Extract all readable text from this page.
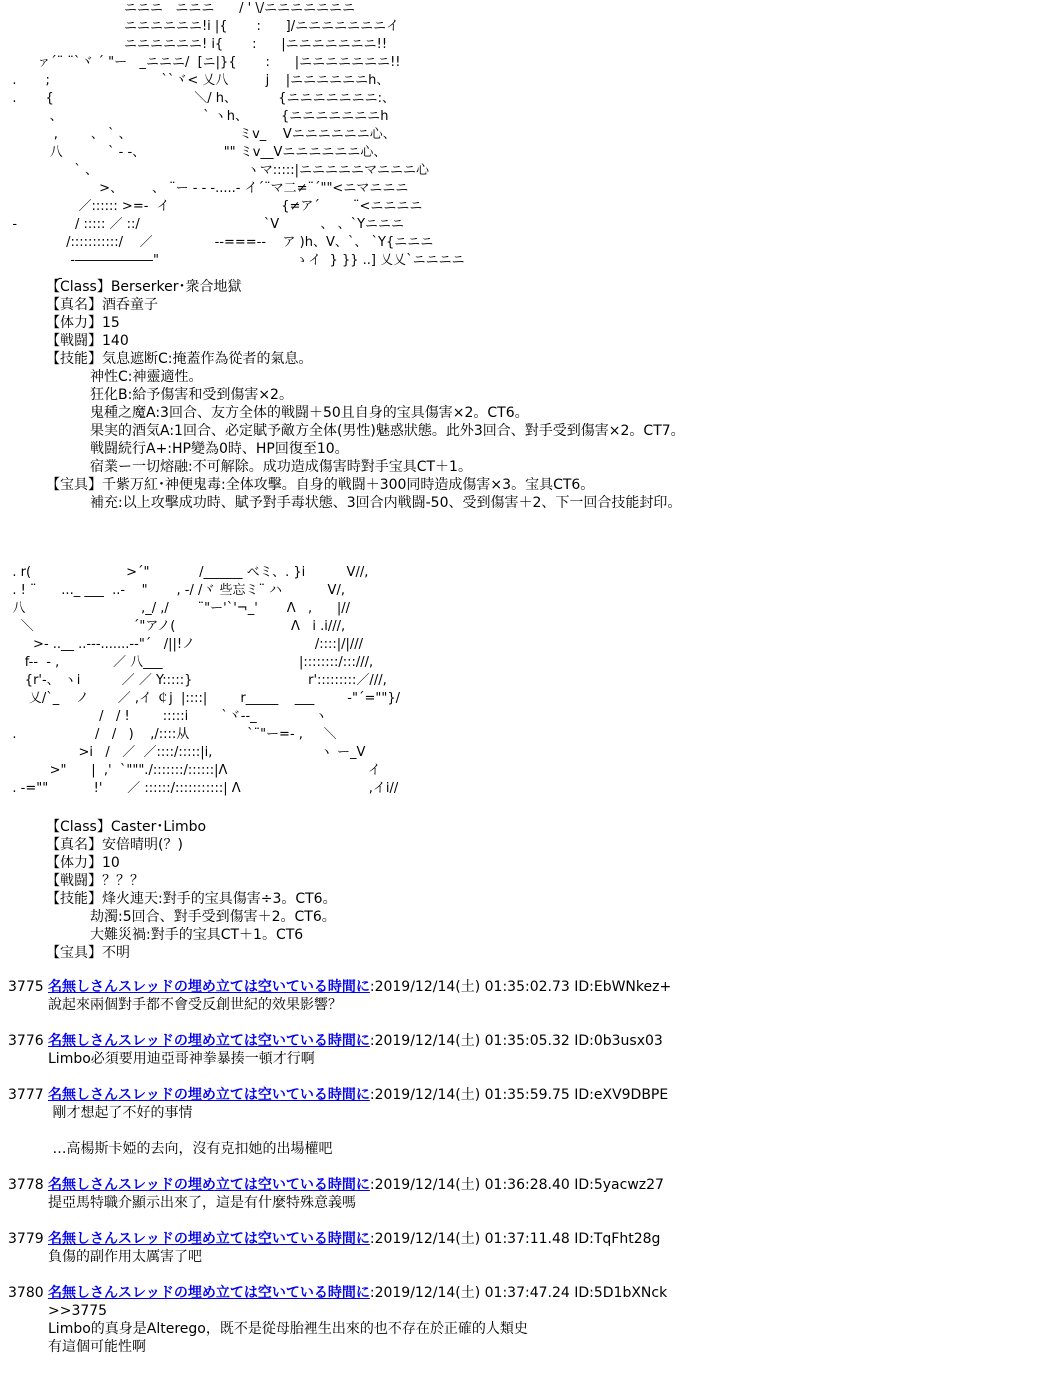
ニニニ   ニニニ      / ' \/ニニニニニニニ
ニニニニニニ!i |{       :      ]/ニニニニニニニイ
ニニニニニニ! i{       :      |ニニニニニニニ!!
ァ´¨ ¨`ヾ ´ "ー   _ニニニ/  [ニ|}{       :      |ニニニニニニニ!!
.       ;                           ``ヾ< 乂八         j    |ニニニニニニh、
.       {                                  ＼/ h、          {ニニニニニニニ:、
、                                  ` ヽh、        {ニニニニニニニh
,        、 ` 、                          ミv_    Vニニニニニニ心、
八           ` - -、                   "" ミv__Vニニニニニニ心、
` 、                                    ヽマ:::::|ニニニニニマニニニ心
>、       、 ¨ー - - -.....- イ´¨マ二≠¨´""<ニマニニニ
／:::::: >=-  イ                           {≠ア´        ¨<ニニニニ
-              / ::::: ／ ::/                              `V          、 、`Yニニニ
/:::::::::::/    ／               --===--    ア )h、V、`、 `Y{ニニニ
‐――――――"                                 ゝイ  } }} ..] 乂乂`ニニニニ
-
【Class】Berserker･衆合地獄
【真名】酒呑童子
【体力】15
【戦闘】140
【技能】気息遮断C:掩蓋作為從者的氣息。
神性C:神靈適性。
狂化B:給予傷害和受到傷害×2。
鬼種之魔A:3回合、友方全体的戦闘＋50且自身的宝具傷害×2。CT6。
果実的酒気A:1回合、必定賦予敵方全体(男性)魅惑狀態。此外3回合、對手受到傷害×2。CT7。
戦闘続行A+:HP變為0時、HP回復至10。
宿業ー一切熔融:不可解除。成功造成傷害時對手宝具CT＋1。
【宝具】千紫万紅･神便鬼毒:全体攻擊。自身的戦闘＋300同時造成傷害×3。宝具CT6。
補充:以上攻擊成功時、賦予對手毒状態、3回合内戦闘-50、受到傷害＋2、下一回合技能封印。
. r(                       >´"            /______ ベミ、. }i          V//,
. ! ¨      ..._ ___  ..-    "       , -/ /ヾ 些忘ミ¨ ハ           V/,
八                            ,_/ ,/       ¨"ー'`'¬_'       Λ   ,      |//
＼                        ´"アノ(                            Λ   i .i///,
>- ..__ ..---.......-‐"´   /||!ノ                             /::::|/|///
f--  - ,             ／ 八___                                 |::::::::/:::///,
{r'-、 ヽi          ／ ／ Y:::::}                            r':::::::::／///,
乂/`_    ノ       ／ ,イ ￠j  |::::|        r_____    ___        -"´=""}/
/   / !        :::::i        `ヾ-‐_              ヽ
.                   /   /   )    ,/::::从              `¨"ー=- ,     ＼
>i   /   ／  ／::::/:::::|i,                          ヽ ー_V
>"      |  ,'  `"""./:::::::/::::::|Λ                                  イ
. -=""           !'      ／ ::::::/:::::::::::| Λ                               ,イi//
【Class】Caster･Limbo
【真名】安倍晴明(？)
【体力】10
【戦闘】？？？
【技能】烽火連天:對手的宝具傷害÷3。CT6。
劫濁:5回合、對手受到傷害＋2。CT6。
大難災禍:對手的宝具CT＋1。CT6
【宝具】不明
3775 名無しさんスレッドの埋め立ては空いている時間に:2019/12/14(土) 01:35:02.73 ID:EbWNkez+
說起來兩個對手都不會受反創世紀的效果影響？
3776 名無しさんスレッドの埋め立ては空いている時間に:2019/12/14(土) 01:35:05.32 ID:0b3usx03
Limbo必須要用迪亞哥神拳暴揍一頓才行啊
3777 名無しさんスレッドの埋め立ては空いている時間に:2019/12/14(土) 01:35:59.75 ID:eXV9DBPE
剛才想起了不好的事情
…高楊斯卡婭的去向，沒有克扣她的出場權吧
3778 名無しさんスレッドの埋め立ては空いている時間に:2019/12/14(土) 01:36:28.40 ID:5yacwz27
提亞馬特職介顯示出來了，這是有什麼特殊意義嗎
3779 名無しさんスレッドの埋め立ては空いている時間に:2019/12/14(土) 01:37:11.48 ID:TqFht28g
負傷的副作用太厲害了吧
3780 名無しさんスレッドの埋め立ては空いている時間に:2019/12/14(土) 01:37:47.24 ID:5D1bXNck
>>3775
Limbo的真身是Alterego，既不是從母胎裡生出來的也不存在於正確的人類史
有這個可能性啊
